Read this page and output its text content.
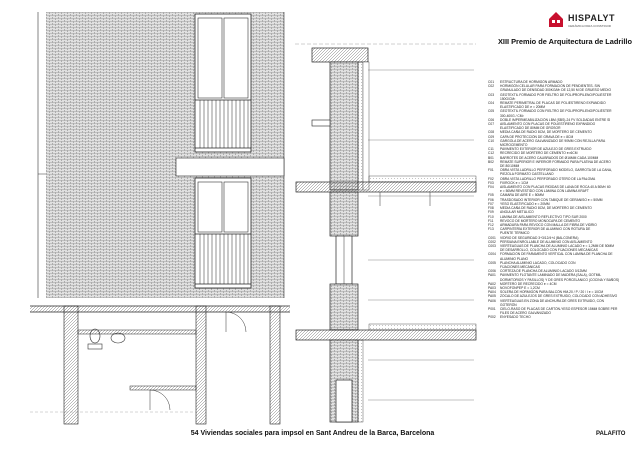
HISPALYT
CERÁMICA PARA CONSTRUIR
XIII Premio de Arquitectura de Ladrillo
C01	ESTRUCTURA DE HORMIGÓN ARMADO
C02	HORMIGÓN CELULAR PARA FORMACIÓN DE PENDIENTES. SIN
GRANULADO DE DENSIDAD 300KG/M³ DE 12,50 M DE GRUESO MEDIO
C03	GEOTEXTIL FORMADO POR FIELTRO DE POLIPROPILENO/POLIÉSTER
150G/CM²
C04	REMATE PERIMETRAL DE PLACAS DE POLIESTIRENO EXPANDIDO
ELASTIFICADO DE e = 20MM
C05	GEOTEXTIL FORMADO CON FIELTRO DE POLIPROPILENO/POLIÉSTER
300-400G / CM²
C06	DOBLE IMPERMEABILIZACIÓN LBM (SBS)-24 FV SOLDADAS ENTRE SÍ
C07	AISLAMIENTO CON PLACAS DE POLIESTIRENO EXPANDIDO
ELASTIFICADO DE 80MM DE GROSOR
C08	MEDIA CAÑA DE RADIO 8CM, DE MORTERO DE CEMENTO
C09	CAPA DE PROTECCIÓN DE GRAVA DE e = 8CM
C10	GÁRGOLA DE ACERO GALVANIZADO DE 90MM CON REJILLA PARA
MICROCEMENTO
C11	PAVIMENTO EXTERIOR DE AZULEJO DE GRES EXTRUIDO
C12	RECRECIDO DE MORTERO DE CEMENTO e=6CM
B01	BARROTES DE ACERO CALIBRADOS DE Ø16MM CADA 100MM
B02	REMATE SUPERIOR E INFERIOR FORMADO PARA PLATINA DE ACERO
DE 80/10MM
F01	OBRA VISTA LADRILLO PERFORADO MODELO, GARROTA DE LA CANA,
PIEZOLA FORMATO CASTELLANO
F02	OBRA VISTA LADRILLO PERFORADO OTERO DE LA PALOMA
F03	FIXROCK e = 1CM
F04	AISLAMIENTO CON PLACAS RÍGIDAS DE LANA DE ROCA 40 A 50M³/ 60
e = 50MM REVESTIDO CON LÁMINA CON LÁMINA KRAFT
F05	CÁMARA DE AIRE E = 50MM
F06	TRASDOSADO INTERIOR CON TABIQUE DE GERANISO e = 50MM
F07	YESO ELASTIFICADO e = 20MM
F08	MEDIA CAÑA DE RADIO 8CM, DE MORTERO DE CEMENTO
F09	ANGULAR METÁLICO
F10	LÁMINA DE AISLAMIENTO REFLECTIVO TIPO SUR 2000
F11	REVOCO DE MORTERO MONOCAPA DE CEMENTO
F12	ARMADURA PARA REVOCO CON MALLA DE FIBRA DE VIDRIO
F13	CARPINTERÍA EXTERIOR DE ALUMINIO CON ROTURA DE
PUENTE TÉRMICO
C001	VIDRIO DE SEGURIDAD 3+3/12/4+4 (BALCONERA)
C002	PERSIANA ENROLLABLE DE ALUMINIO CON AISLAMIENTO
C003	VIERTEAGUAS DE PLANCHA DE ALUMINIO LACADO e = 1,2MM DE 50MM
DE DESARROLLO, COLOCADO CON FIJACIONES MECÁNICAS
C004	FORMACIÓN DE PARAMENTO VERTICAL CON LÁMINA DE PLANCHA DE
ALUMINIO PLANO
C005	PLANCHA ALUMINIO LACADO, COLOCADO CON
FIJACIONES MECÁNICAS
C006	CORTEZA DE PLANCHA DE ALUMINIO LACADO 0/12MM
PA01	PAVIMENTO FLOTANTE LAMINADO DE MADERA (SALA), GOTMIL
DORMITORIOS Y PASILLOS) Y DE GRES PORCELÁNICO (COCINA Y BAÑOS)
PA02	MORTERO DE RECRECIDO e = 4CM
PA03	NOVOFONPEP E = 1,2CM
PA04	SOLERA DE HORMIGÓN PARA BALCÓN HM-20 / P / 20 / I e = 10CM
PA05	ZÓCALO DE AZULEJOS DE GRES EXTRUIDO, COLOCADO CON ADHESIVO
PA06	VIERTEAGUAS EN ZONA DE ANCHURA DE GRES EXTRUIDO, CON
GOTERÓN
P001	CIELO-RASO DE PLACAS DE CARTÓN-YESO ESPESOR 15MM SOBRE PER
FILES DE ACERO GALVANIZADO
P002	ENYESADO TECHO
54 Viviendas sociales para impsol en Sant Andreu de la Barca, Barcelona	PALAFITO
